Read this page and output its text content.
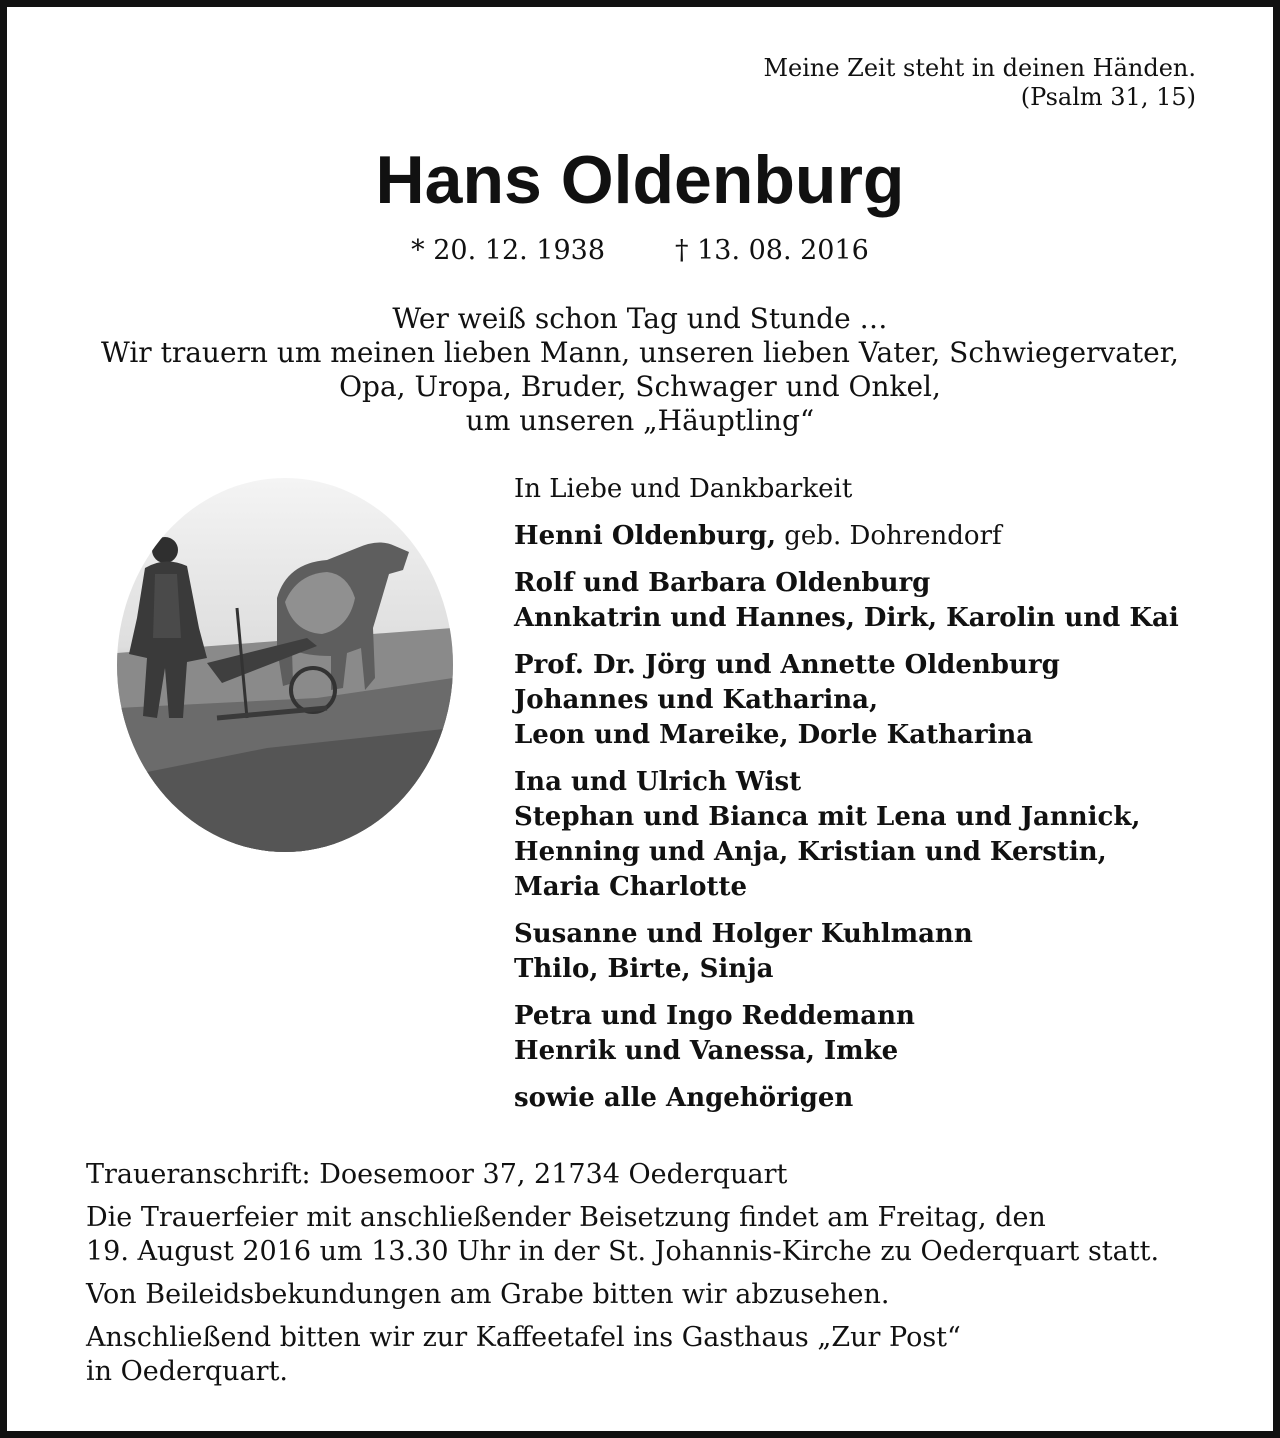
Meine Zeit steht in deinen Händen.
(Psalm 31, 15)
Hans Oldenburg
* 20. 12. 1938	† 13. 08. 2016
Wer weiß schon Tag und Stunde …
Wir trauern um meinen lieben Mann, unseren lieben Vater, Schwiegervater,
Opa, Uropa, Bruder, Schwager und Onkel,
um unseren „Häuptling“
In Liebe und Dankbarkeit
Henni Oldenburg, geb. Dohrendorf
Rolf und Barbara Oldenburg
Annkatrin und Hannes, Dirk, Karolin und Kai
Prof. Dr. Jörg und Annette Oldenburg
Johannes und Katharina,
Leon und Mareike, Dorle Katharina
Ina und Ulrich Wist
Stephan und Bianca mit Lena und Jannick,
Henning und Anja, Kristian und Kerstin,
Maria Charlotte
Susanne und Holger Kuhlmann
Thilo, Birte, Sinja
Petra und Ingo Reddemann
Henrik und Vanessa, Imke
sowie alle Angehörigen
Traueranschrift: Doesemoor 37, 21734 Oederquart
Die Trauerfeier mit anschließender Beisetzung findet am Freitag, den
19. August 2016 um 13.30 Uhr in der St. Johannis-Kirche zu Oederquart statt.
Von Beileidsbekundungen am Grabe bitten wir abzusehen.
Anschließend bitten wir zur Kaffeetafel ins Gasthaus „Zur Post“
in Oederquart.
